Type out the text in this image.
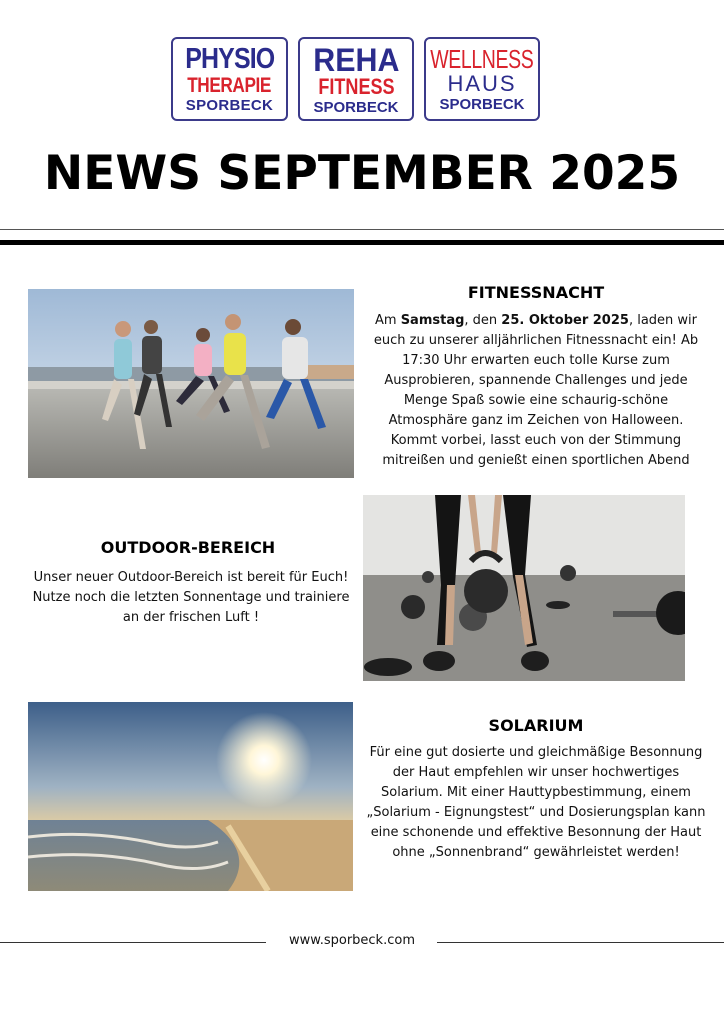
PHYSIO
THERAPIE
SPORBECK
REHA
FITNESS
SPORBECK
WELLNESS
HAUS
SPORBECK
NEWS SEPTEMBER 2025
FITNESSNACHT
Am Samstag, den 25. Oktober 2025, laden wir euch zu unserer alljährlichen Fitnessnacht ein! Ab 17:30 Uhr erwarten euch tolle Kurse zum Ausprobieren, spannende Challenges und jede Menge Spaß sowie eine schaurig-schöne Atmosphäre ganz im Zeichen von Halloween. Kommt vorbei, lasst euch von der Stimmung mitreißen und genießt einen sportlichen Abend
OUTDOOR-BEREICH
Unser neuer Outdoor-Bereich ist bereit für Euch! Nutze noch die letzten Sonnentage und trainiere an der frischen Luft !
SOLARIUM
Für eine gut dosierte und gleichmäßige Besonnung der Haut empfehlen wir unser hochwertiges Solarium. Mit einer Hauttypbestimmung, einem „Solarium - Eignungstest“ und Dosierungsplan kann eine schonende und effektive Besonnung der Haut ohne „Sonnenbrand“ gewährleistet werden!
www.sporbeck.com
